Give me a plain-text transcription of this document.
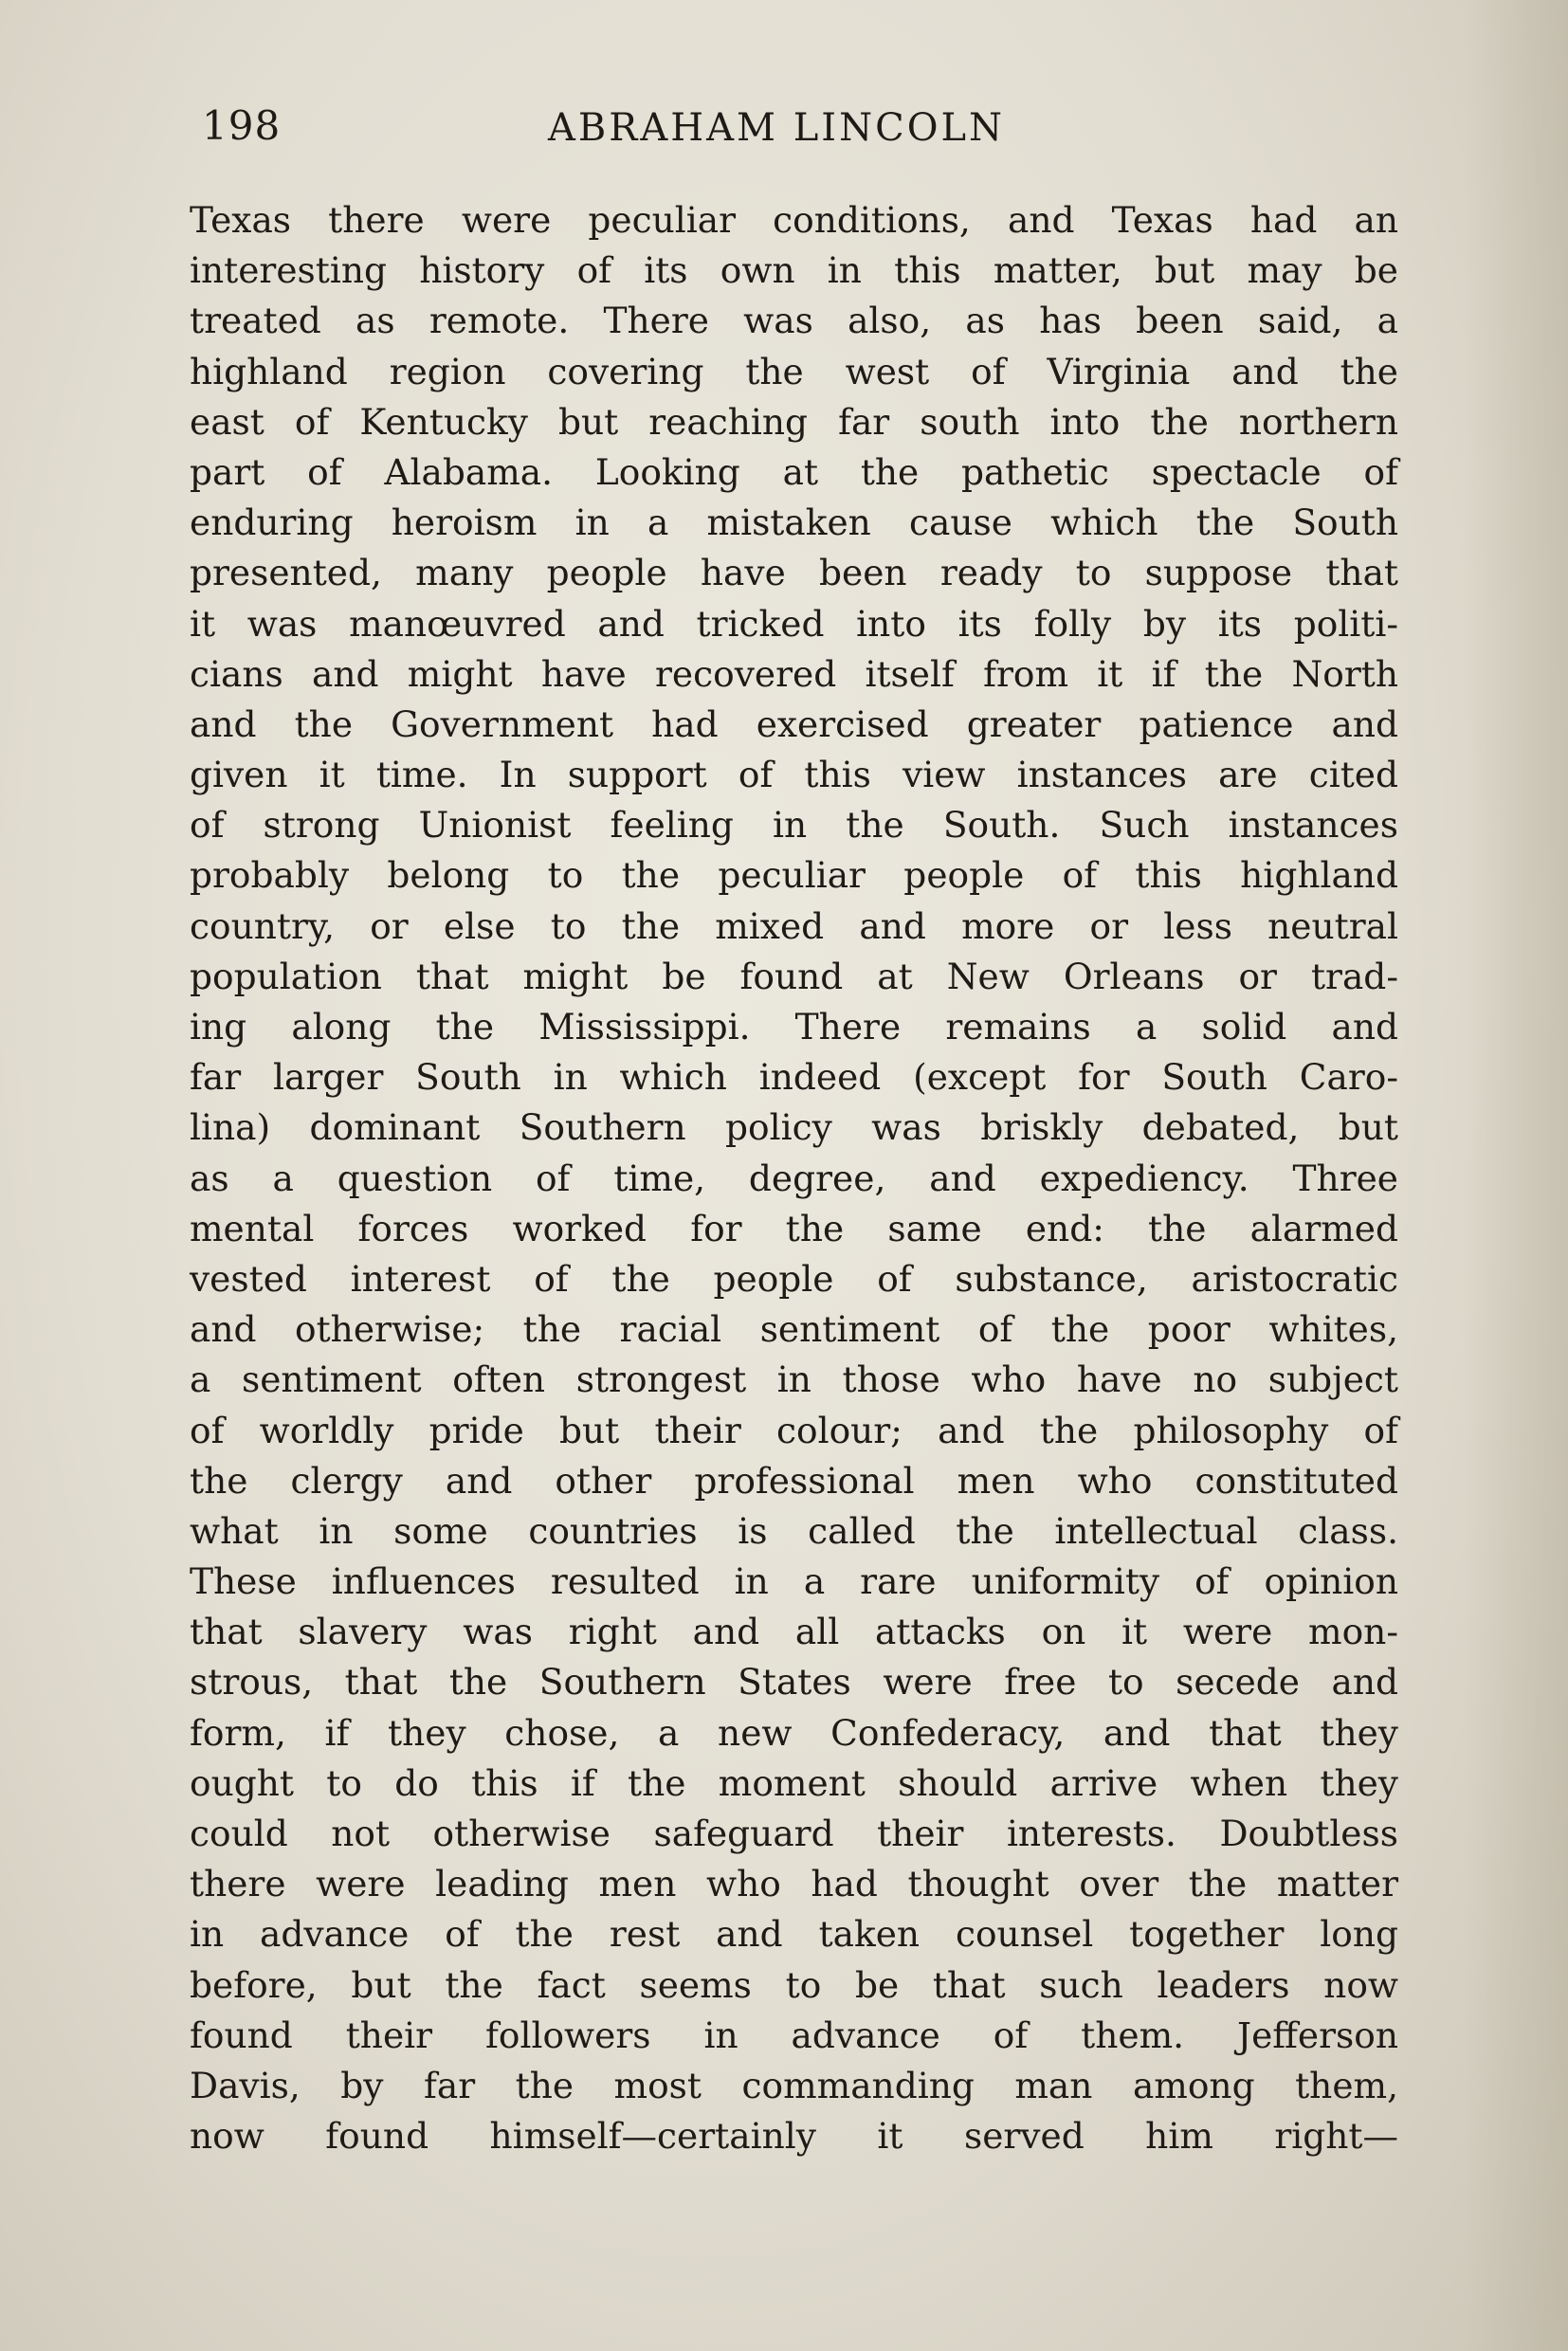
198	ABRAHAM LINCOLN
Texas there were peculiar conditions, and Texas had an
interesting history of its own in this matter, but may be
treated as remote. There was also, as has been said, a
highland region covering the west of Virginia and the
east of Kentucky but reaching far south into the northern
part of Alabama. Looking at the pathetic spectacle of
enduring heroism in a mistaken cause which the South
presented, many people have been ready to suppose that
it was manœuvred and tricked into its folly by its politi-
cians and might have recovered itself from it if the North
and the Government had exercised greater patience and
given it time. In support of this view instances are cited
of strong Unionist feeling in the South. Such instances
probably belong to the peculiar people of this highland
country, or else to the mixed and more or less neutral
population that might be found at New Orleans or trad-
ing along the Mississippi. There remains a solid and
far larger South in which indeed (except for South Caro-
lina) dominant Southern policy was briskly debated, but
as a question of time, degree, and expediency. Three
mental forces worked for the same end: the alarmed
vested interest of the people of substance, aristocratic
and otherwise; the racial sentiment of the poor whites,
a sentiment often strongest in those who have no subject
of worldly pride but their colour; and the philosophy of
the clergy and other professional men who constituted
what in some countries is called the intellectual class.
These influences resulted in a rare uniformity of opinion
that slavery was right and all attacks on it were mon-
strous, that the Southern States were free to secede and
form, if they chose, a new Confederacy, and that they
ought to do this if the moment should arrive when they
could not otherwise safeguard their interests. Doubtless
there were leading men who had thought over the matter
in advance of the rest and taken counsel together long
before, but the fact seems to be that such leaders now
found their followers in advance of them. Jefferson
Davis, by far the most commanding man among them,
now found himself—certainly it served him right—
